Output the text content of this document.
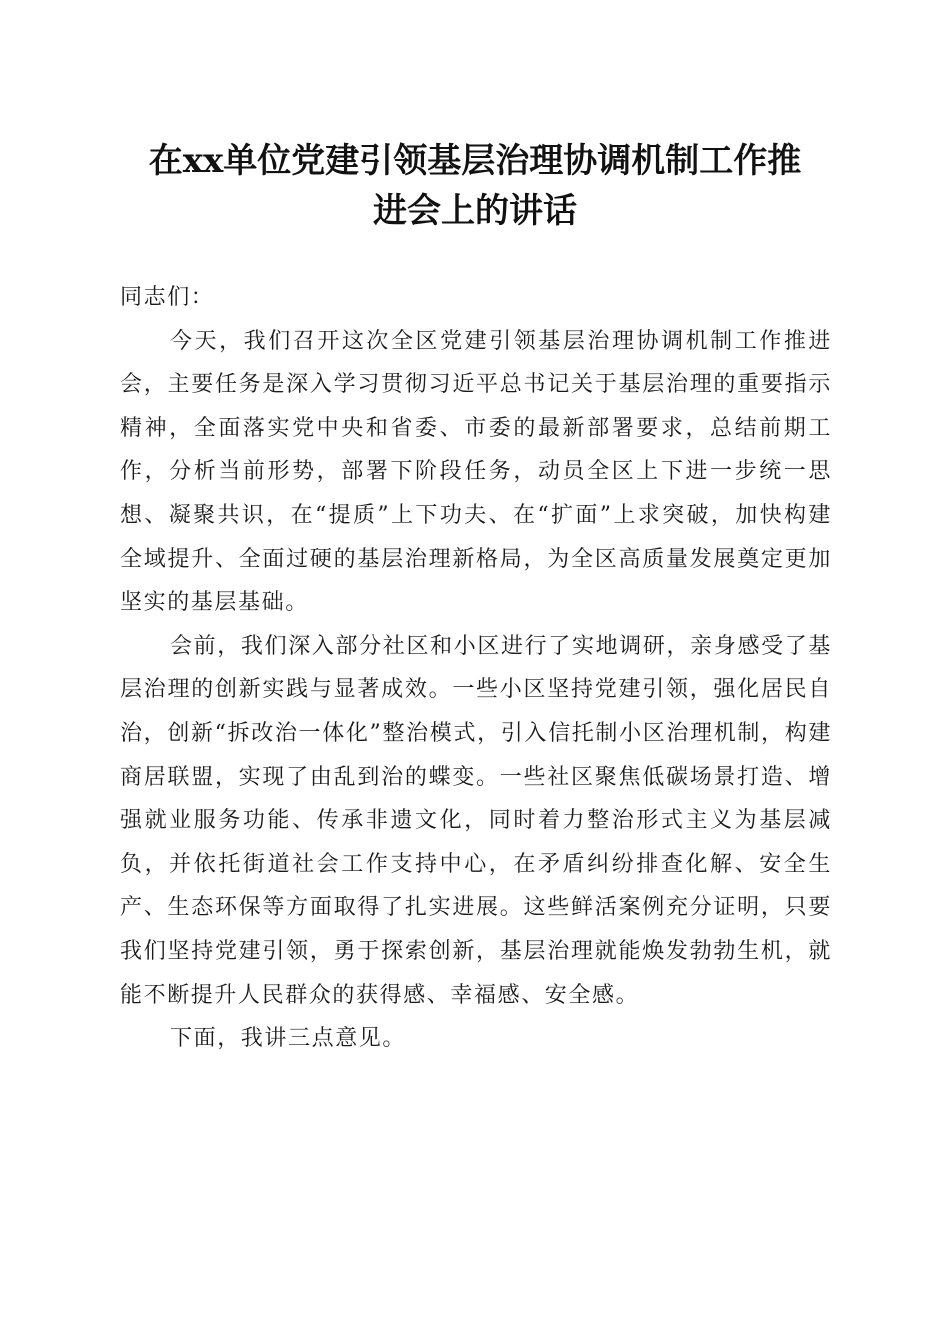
在xx单位党建引领基层治理协调机制工作推
进会上的讲话

同志们：

今天，我们召开这次全区党建引领基层治理协调机制工作推进会，主要任务是深入学习贯彻习近平总书记关于基层治理的重要指示精神，全面落实党中央和省委、市委的最新部署要求，总结前期工作，分析当前形势，部署下阶段任务，动员全区上下进一步统一思想、凝聚共识，在“提质”上下功夫、在“扩面”上求突破，加快构建全域提升、全面过硬的基层治理新格局，为全区高质量发展奠定更加坚实的基层基础。

会前，我们深入部分社区和小区进行了实地调研，亲身感受了基层治理的创新实践与显著成效。一些小区坚持党建引领，强化居民自治，创新“拆改治一体化”整治模式，引入信托制小区治理机制，构建商居联盟，实现了由乱到治的蝶变。一些社区聚焦低碳场景打造、增强就业服务功能、传承非遗文化，同时着力整治形式主义为基层减负，并依托街道社会工作支持中心，在矛盾纠纷排查化解、安全生产、生态环保等方面取得了扎实进展。这些鲜活案例充分证明，只要我们坚持党建引领，勇于探索创新，基层治理就能焕发勃勃生机，就能不断提升人民群众的获得感、幸福感、安全感。

下面，我讲三点意见。
